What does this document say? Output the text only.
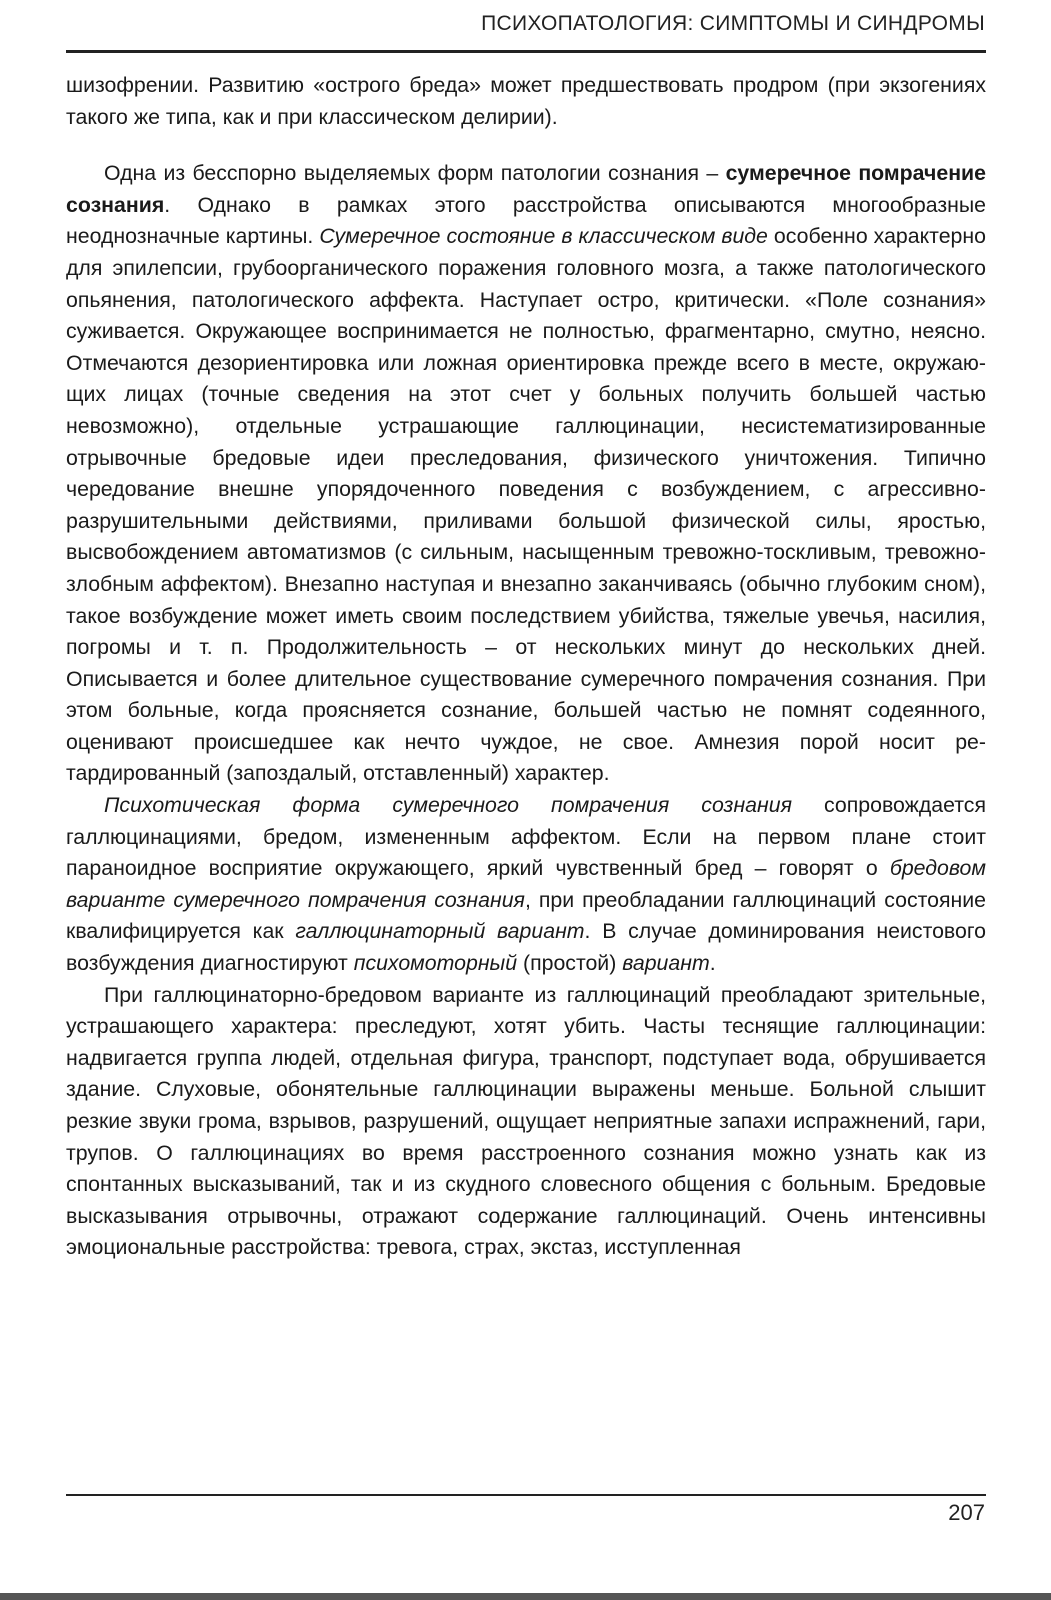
ПСИХОПАТОЛОГИЯ: СИМПТОМЫ И СИНДРОМЫ

шизофрении. Развитию «острого бреда» может предшествовать продром (при экзогениях такого же типа, как и при классическом делирии).

Одна из бесспорно выделяемых форм патологии сознания – сумеречное помрачение сознания. Однако в рамках этого расстройства описываются многообразные неоднозначные картины. Сумеречное состояние в классическом виде особенно характерно для эпилепсии, грубоорганического поражения головного мозга, а также патологического опьянения, патологического аффекта. Наступает остро, критически. «Поле сознания» суживается. Окружающее воспринимается не полностью, фрагментарно, смутно, неясно. Отмечаются дезориентировка или ложная ориентировка прежде всего в месте, окружающих лицах (точные сведения на этот счет у больных получить большей частью невозможно), отдельные устрашающие галлюцинации, несистематизированные отрывочные бредовые идеи преследования, физического уничтожения. Типично чередование внешне упорядоченного поведения с возбуждением, с агрессивно-разрушительными действиями, приливами большой физической силы, яростью, высвобождением автоматизмов (с сильным, насыщенным тревожно-тоскливым, тревожно-злобным аффектом). Внезапно наступая и внезапно заканчиваясь (обычно глубоким сном), такое возбуждение может иметь своим последствием убийства, тяжелые увечья, насилия, погромы и т. п. Продолжительность – от нескольких минут до нескольких дней. Описывается и более длительное существование сумеречного помрачения сознания. При этом больные, когда проясняется сознание, большей частью не помнят содеянного, оценивают происшедшее как нечто чуждое, не свое. Амнезия порой носит ретардированный (запоздалый, отставленный) характер.

Психотическая форма сумеречного помрачения сознания сопровождается галлюцинациями, бредом, измененным аффектом. Если на первом плане стоит параноидное восприятие окружающего, яркий чувственный бред – говорят о бредовом варианте сумеречного помрачения сознания, при преобладании галлюцинаций состояние квалифицируется как галлюцинаторный вариант. В случае доминирования неистового возбуждения диагностируют психомоторный (простой) вариант.

При галлюцинаторно-бредовом варианте из галлюцинаций преобладают зрительные, устрашающего характера: преследуют, хотят убить. Часты теснящие галлюцинации: надвигается группа людей, отдельная фигура, транспорт, подступает вода, обрушивается здание. Слуховые, обонятельные галлюцинации выражены меньше. Больной слышит резкие звуки грома, взрывов, разрушений, ощущает неприятные запахи испражнений, гари, трупов. О галлюцинациях во время расстроенного сознания можно узнать как из спонтанных высказываний, так и из скудного словесного общения с больным. Бредовые высказывания отрывочны, отражают содержание галлюцинаций. Очень интенсивны эмоциональные расстройства: тревога, страх, экстаз, исступленная

207
